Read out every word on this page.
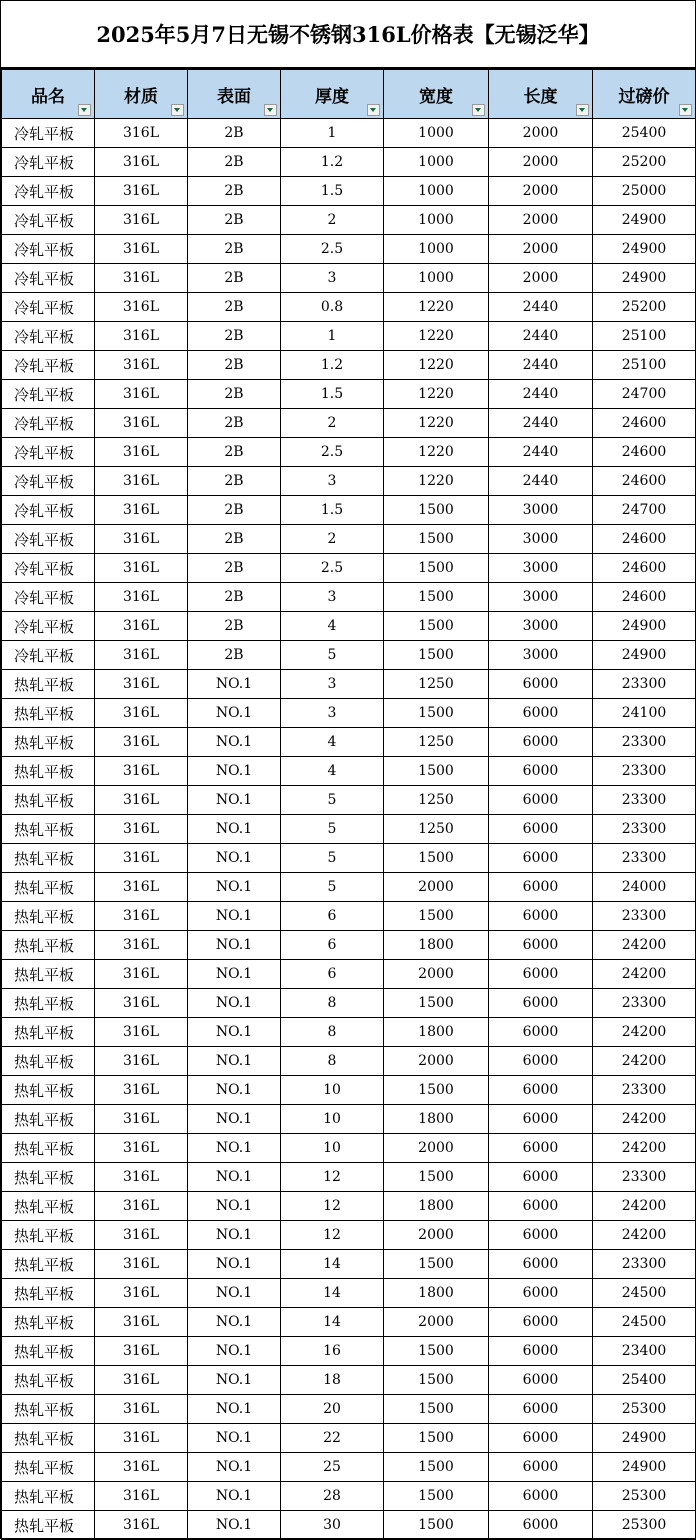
2025年5月7日无锡不锈钢316L价格表【无锡泛华】
品名	材质	表面	厚度	宽度	长度	过磅价

冷轧平板	316L	2B	1	1000	2000	25400
冷轧平板	316L	2B	1.2	1000	2000	25200
冷轧平板	316L	2B	1.5	1000	2000	25000
冷轧平板	316L	2B	2	1000	2000	24900
冷轧平板	316L	2B	2.5	1000	2000	24900
冷轧平板	316L	2B	3	1000	2000	24900
冷轧平板	316L	2B	0.8	1220	2440	25200
冷轧平板	316L	2B	1	1220	2440	25100
冷轧平板	316L	2B	1.2	1220	2440	25100
冷轧平板	316L	2B	1.5	1220	2440	24700
冷轧平板	316L	2B	2	1220	2440	24600
冷轧平板	316L	2B	2.5	1220	2440	24600
冷轧平板	316L	2B	3	1220	2440	24600
冷轧平板	316L	2B	1.5	1500	3000	24700
冷轧平板	316L	2B	2	1500	3000	24600
冷轧平板	316L	2B	2.5	1500	3000	24600
冷轧平板	316L	2B	3	1500	3000	24600
冷轧平板	316L	2B	4	1500	3000	24900
冷轧平板	316L	2B	5	1500	3000	24900
热轧平板	316L	NO.1	3	1250	6000	23300
热轧平板	316L	NO.1	3	1500	6000	24100
热轧平板	316L	NO.1	4	1250	6000	23300
热轧平板	316L	NO.1	4	1500	6000	23300
热轧平板	316L	NO.1	5	1250	6000	23300
热轧平板	316L	NO.1	5	1250	6000	23300
热轧平板	316L	NO.1	5	1500	6000	23300
热轧平板	316L	NO.1	5	2000	6000	24000
热轧平板	316L	NO.1	6	1500	6000	23300
热轧平板	316L	NO.1	6	1800	6000	24200
热轧平板	316L	NO.1	6	2000	6000	24200
热轧平板	316L	NO.1	8	1500	6000	23300
热轧平板	316L	NO.1	8	1800	6000	24200
热轧平板	316L	NO.1	8	2000	6000	24200
热轧平板	316L	NO.1	10	1500	6000	23300
热轧平板	316L	NO.1	10	1800	6000	24200
热轧平板	316L	NO.1	10	2000	6000	24200
热轧平板	316L	NO.1	12	1500	6000	23300
热轧平板	316L	NO.1	12	1800	6000	24200
热轧平板	316L	NO.1	12	2000	6000	24200
热轧平板	316L	NO.1	14	1500	6000	23300
热轧平板	316L	NO.1	14	1800	6000	24500
热轧平板	316L	NO.1	14	2000	6000	24500
热轧平板	316L	NO.1	16	1500	6000	23400
热轧平板	316L	NO.1	18	1500	6000	25400
热轧平板	316L	NO.1	20	1500	6000	25300
热轧平板	316L	NO.1	22	1500	6000	24900
热轧平板	316L	NO.1	25	1500	6000	24900
热轧平板	316L	NO.1	28	1500	6000	25300
热轧平板	316L	NO.1	30	1500	6000	25300
